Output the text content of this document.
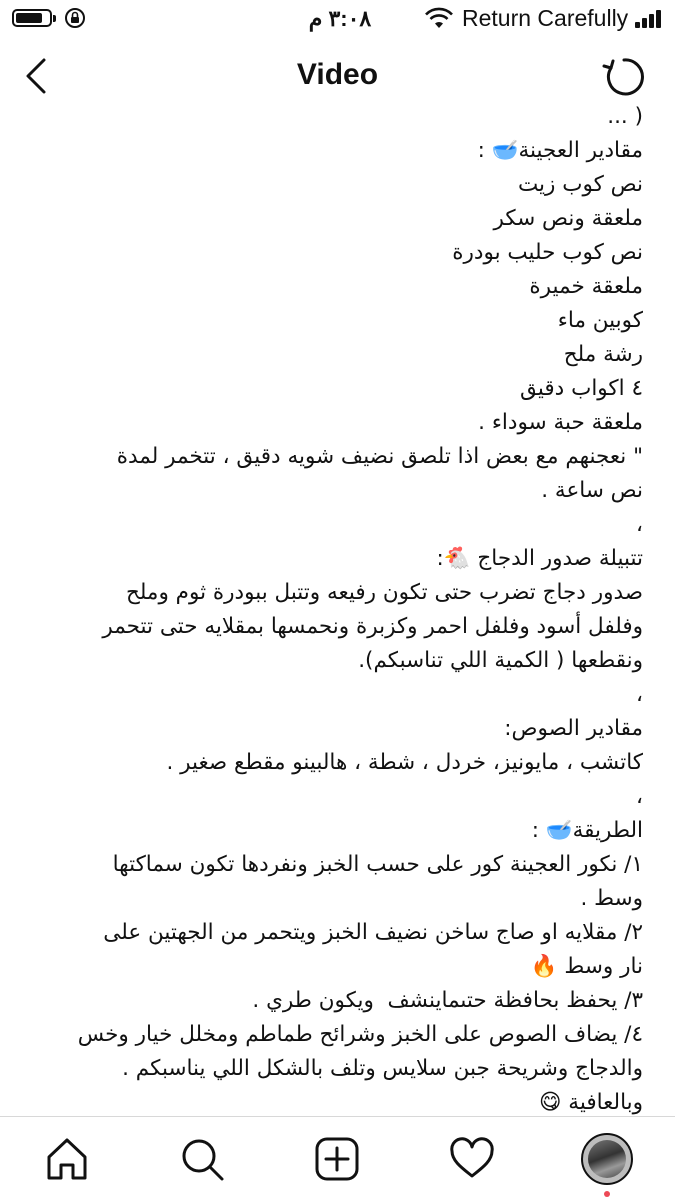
٣:٠٨ م	Return Carefully
Video
( ...
مقادير العجينة🥣 :
نص كوب زيت
ملعقة ونص سكر
نص كوب حليب بودرة
ملعقة خميرة
كوبين ماء
رشة ملح
٤ اكواب دقيق
ملعقة حبة سوداء .
" نعجنهم مع بعض اذا تلصق نضيف شويه دقيق ، تتخمر لمدة
نص ساعة .
،
تتبيلة صدور الدجاج 🐔:
صدور دجاج تضرب حتى تكون رفيعه وتتبل ببودرة ثوم وملح
وفلفل أسود وفلفل احمر وكزبرة ونحمسها بمقلايه حتى تتحمر
ونقطعها ( الكمية اللي تناسبكم).
،
مقادير الصوص:
كاتشب ، مايونيز، خردل ، شطة ، هالبينو مقطع صغير .
،
الطريقة🥣 :
١/ نكور العجينة كور على حسب الخبز ونفردها تكون سماكتها
وسط .
٢/ مقلايه او صاج ساخن نضيف الخبز ويتحمر من الجهتين على
نار وسط 🔥
٣/ يحفظ بحافظة حتىماينشف  ويكون طري .
٤/ يضاف الصوص على الخبز وشرائح طماطم ومخلل خيار وخس
والدجاج وشريحة جبن سلايس وتلف بالشكل اللي يناسبكم .
وبالعافية 😋
